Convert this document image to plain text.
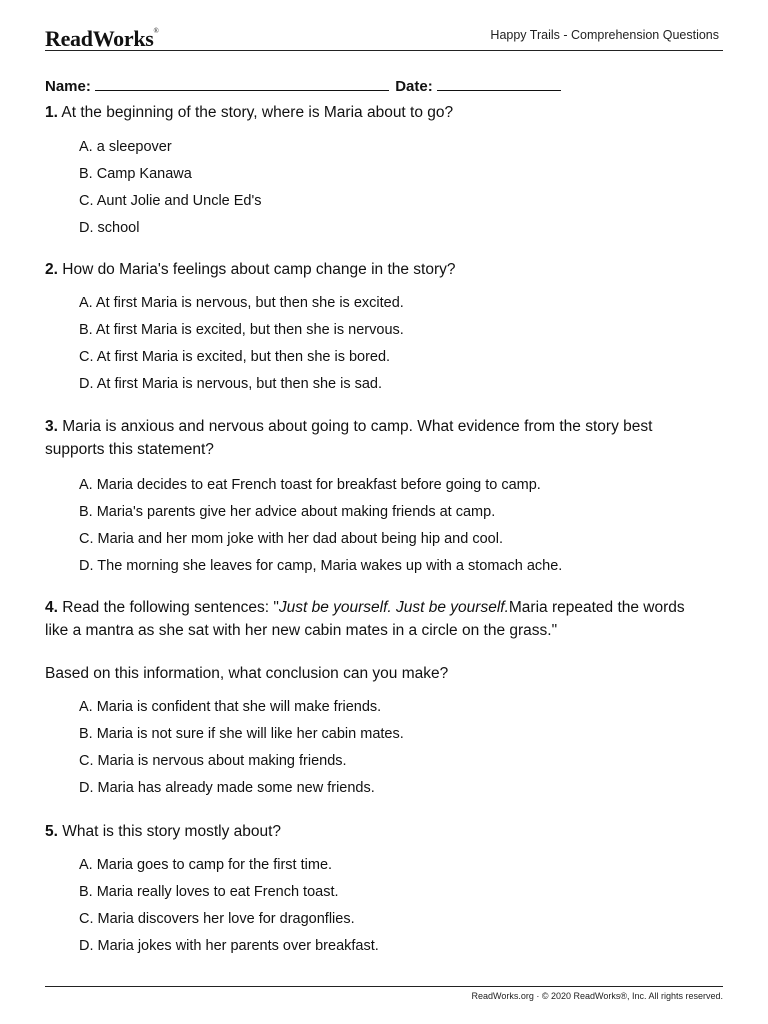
ReadWorks®	Happy Trails - Comprehension Questions
Name:	Date:
1. At the beginning of the story, where is Maria about to go?
A. a sleepover
B. Camp Kanawa
C. Aunt Jolie and Uncle Ed's
D. school
2. How do Maria's feelings about camp change in the story?
A. At first Maria is nervous, but then she is excited.
B. At first Maria is excited, but then she is nervous.
C. At first Maria is excited, but then she is bored.
D. At first Maria is nervous, but then she is sad.
3. Maria is anxious and nervous about going to camp. What evidence from the story best supports this statement?
A. Maria decides to eat French toast for breakfast before going to camp.
B. Maria's parents give her advice about making friends at camp.
C. Maria and her mom joke with her dad about being hip and cool.
D. The morning she leaves for camp, Maria wakes up with a stomach ache.
4. Read the following sentences: "Just be yourself. Just be yourself.Maria repeated the words like a mantra as she sat with her new cabin mates in a circle on the grass."
Based on this information, what conclusion can you make?
A. Maria is confident that she will make friends.
B. Maria is not sure if she will like her cabin mates.
C. Maria is nervous about making friends.
D. Maria has already made some new friends.
5. What is this story mostly about?
A. Maria goes to camp for the first time.
B. Maria really loves to eat French toast.
C. Maria discovers her love for dragonflies.
D. Maria jokes with her parents over breakfast.
ReadWorks.org · © 2020 ReadWorks®, Inc. All rights reserved.
